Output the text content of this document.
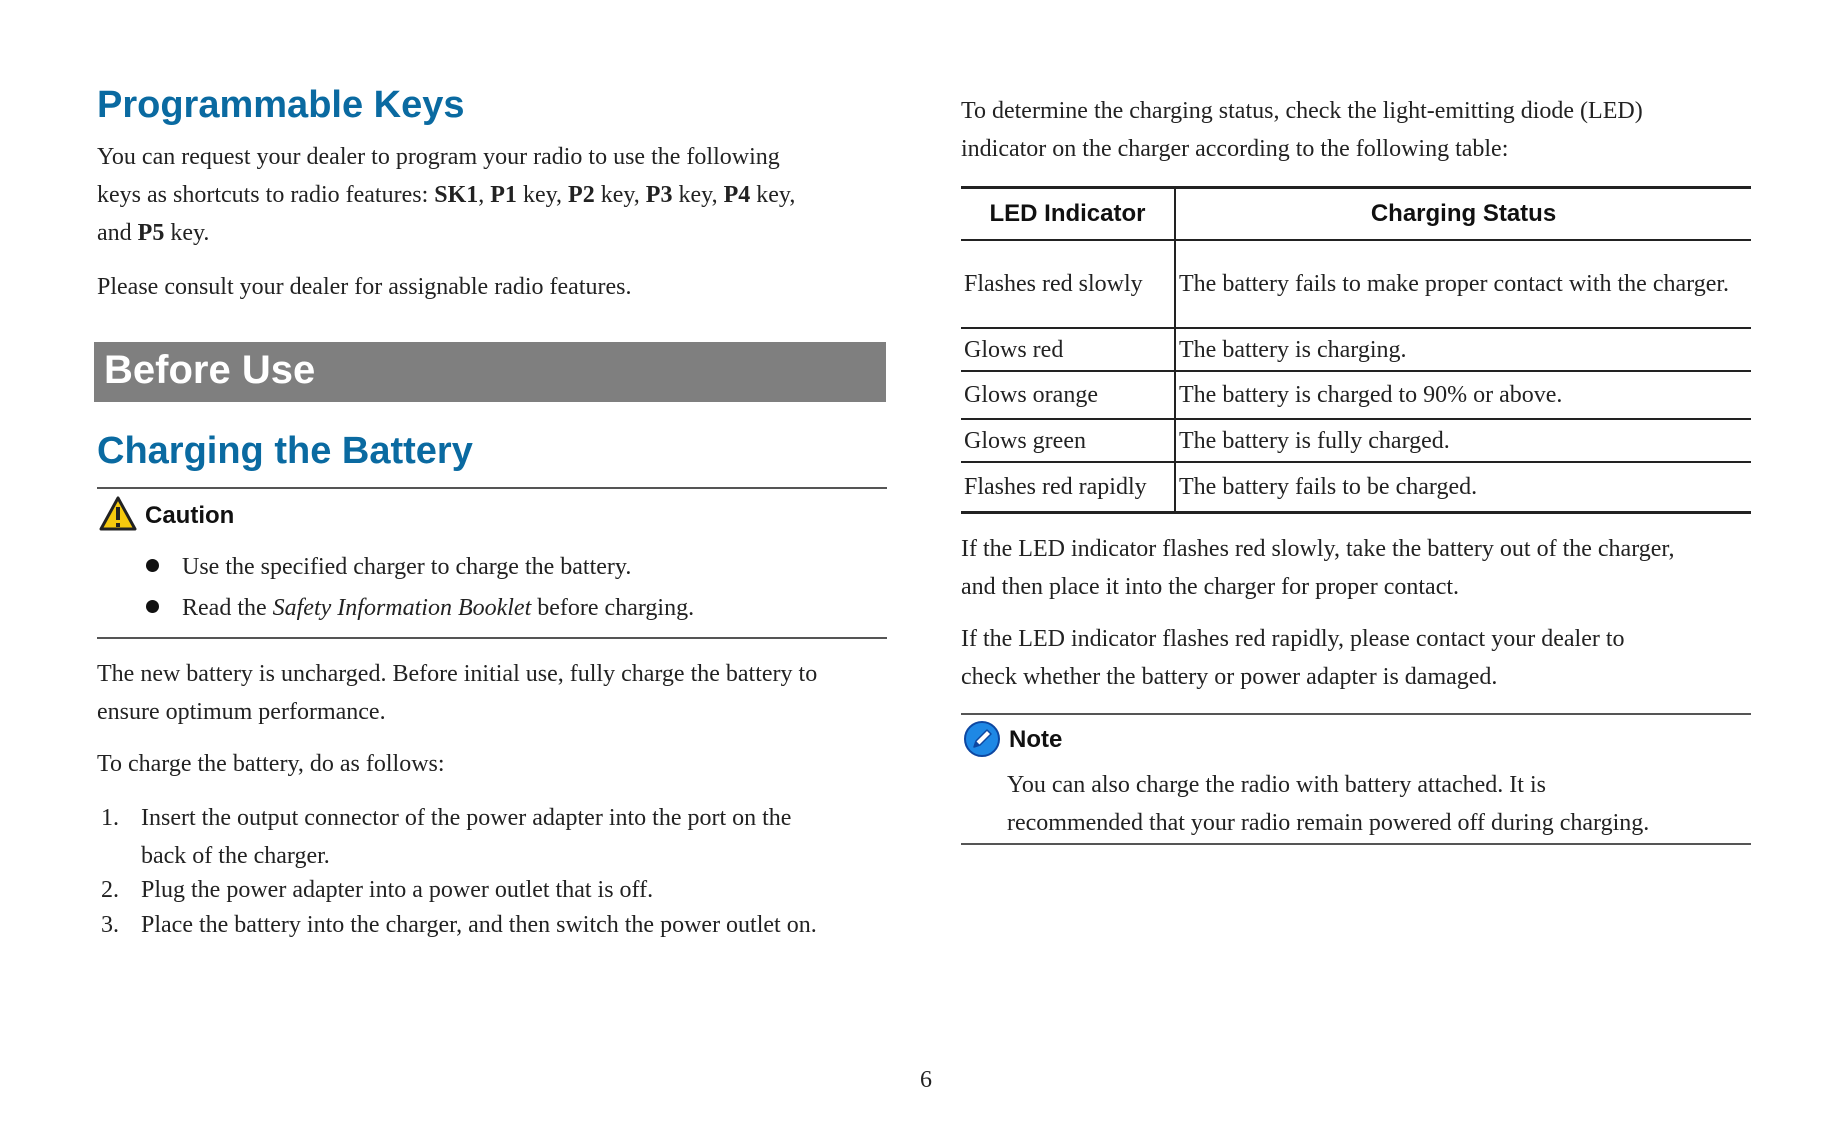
Programmable Keys

You can request your dealer to program your radio to use the following
keys as shortcuts to radio features: SK1, P1 key, P2 key, P3 key, P4 key,
and P5 key.

Please consult your dealer for assignable radio features.

Before Use
Charging the Battery
Caution

Use the specified charger to charge the battery.

Read the Safety Information Booklet before charging.

The new battery is uncharged. Before initial use, fully charge the battery to
ensure optimum performance.

To charge the battery, do as follows:

1. Insert the output connector of the power adapter into the port on the
back of the charger.

2. Plug the power adapter into a power outlet that is off.

3. Place the battery into the charger, and then switch the power outlet on.

To determine the charging status, check the light-emitting diode (LED)
indicator on the charger according to the following table:

LED Indicator	Charging Status
Flashes red slowly	The battery fails to make proper contact with the charger.
Glows red	The battery is charging.
Glows orange	The battery is charged to 90% or above.
Glows green	The battery is fully charged.
Flashes red rapidly	The battery fails to be charged.

If the LED indicator flashes red slowly, take the battery out of the charger,
and then place it into the charger for proper contact.

If the LED indicator flashes red rapidly, please contact your dealer to
check whether the battery or power adapter is damaged.

Note

You can also charge the radio with battery attached. It is
recommended that your radio remain powered off during charging.

6
